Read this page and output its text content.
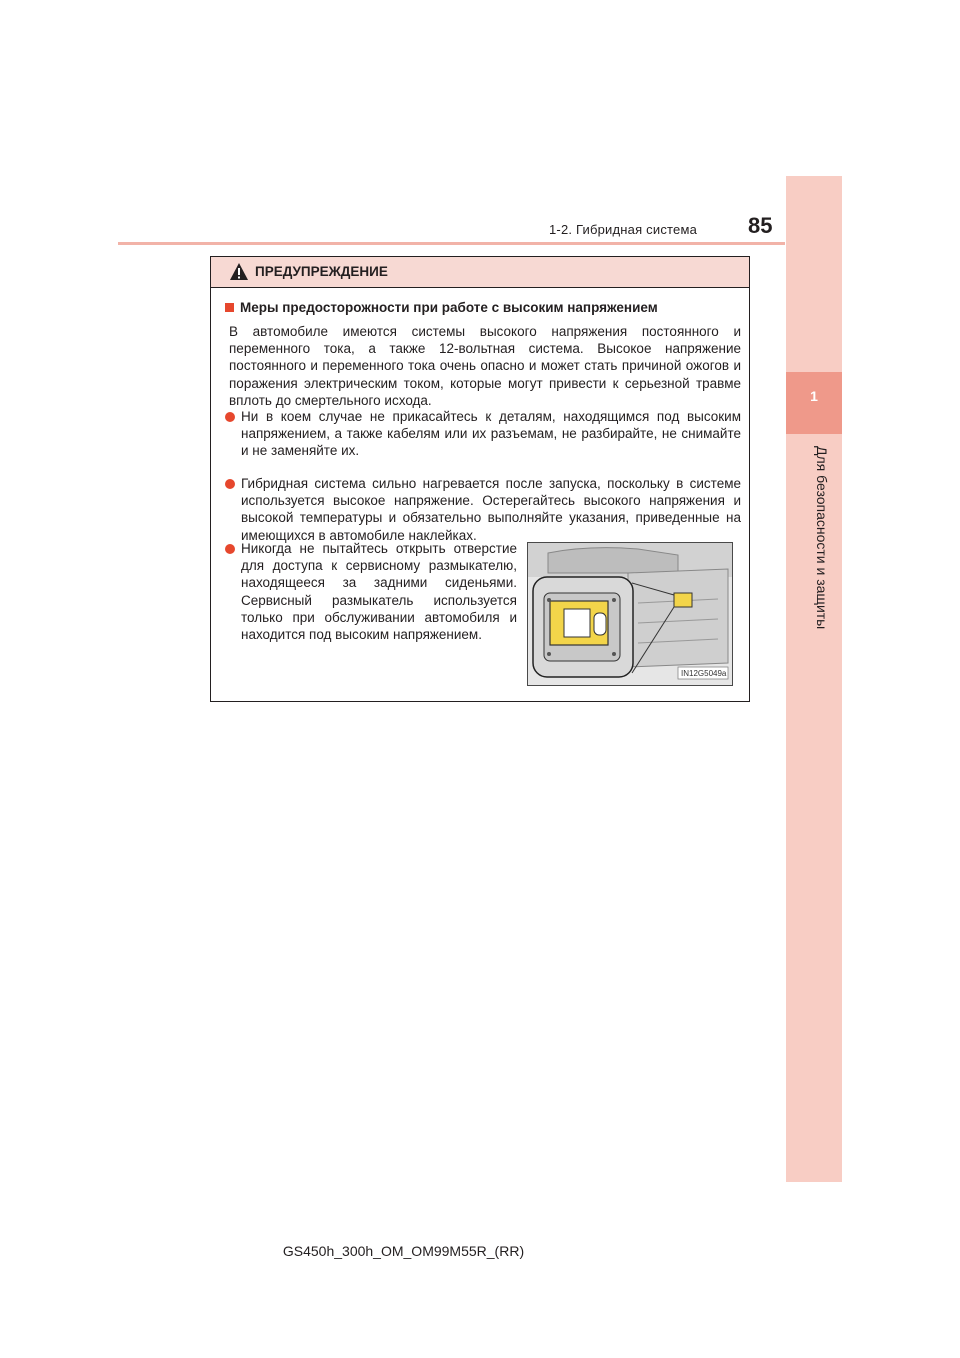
1
Для безопасности и защиты
1-2. Гибридная система 85
ПРЕДУПРЕЖДЕНИЕ
Меры предосторожности при работе с высоким напряжением
В автомобиле имеются системы высокого напряжения постоянного и переменного тока, а также 12-вольтная система. Высокое напряжение постоянного и переменного тока очень опасно и может стать причиной ожогов и поражения электрическим током, которые могут привести к серьезной травме вплоть до смертельного исхода.
Ни в коем случае не прикасайтесь к деталям, находящимся под высоким напряжением, а также кабелям или их разъемам, не разбирайте, не снимайте и не заменяйте их.
Гибридная система сильно нагревается после запуска, поскольку в системе используется высокое напряжение. Остерегайтесь высокого напряжения и высокой температуры и обязательно выполняйте указания, приведенные на имеющихся в автомобиле наклейках.
Никогда не пытайтесь открыть отверстие для доступа к сервисному размыкателю, находящееся за задними сиденьями. Сервисный размыкатель используется только при обслуживании автомобиля и находится под высоким напряжением.
IN12G5049a
GS450h_300h_OM_OM99M55R_(RR)
